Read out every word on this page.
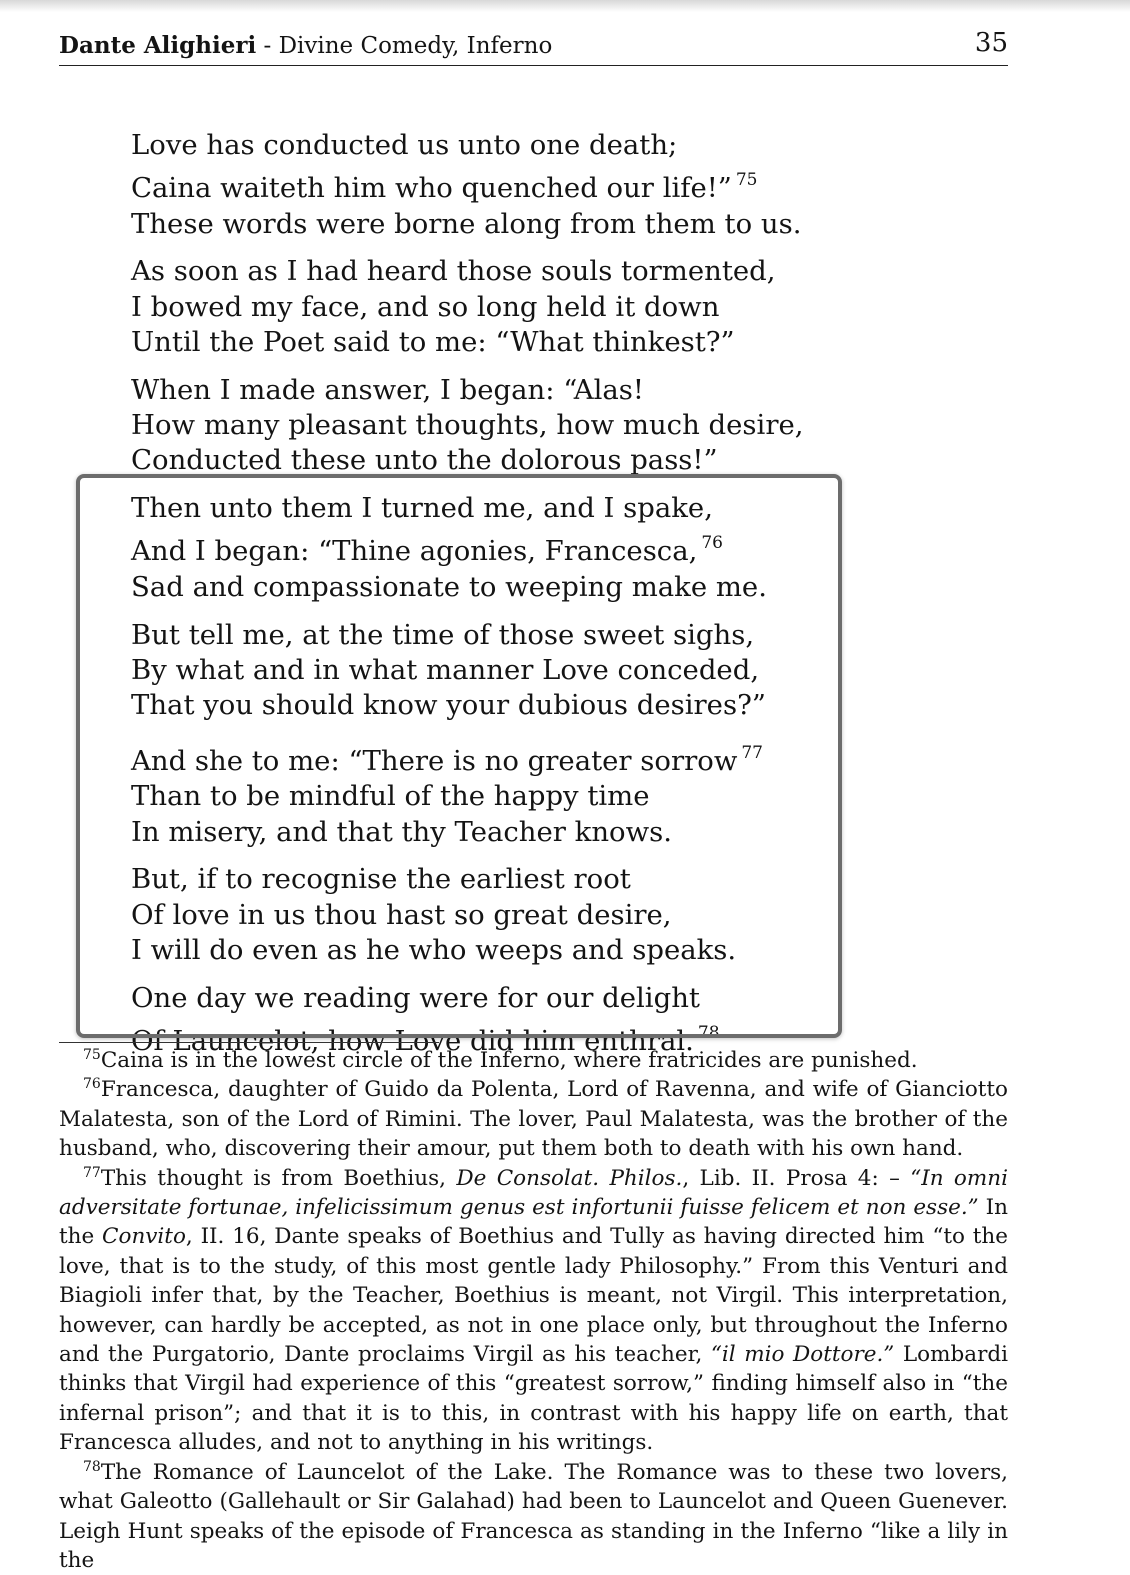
Dante Alighieri - Divine Comedy, Inferno	35
Love has conducted us unto one death;
Caina waiteth him who quenched our life!” $^{75}$
These words were borne along from them to us.
As soon as I had heard those souls tormented,
I bowed my face, and so long held it down
Until the Poet said to me: “What thinkest?”
When I made answer, I began: “Alas!
How many pleasant thoughts, how much desire,
Conducted these unto the dolorous pass!”
Then unto them I turned me, and I spake,
And I began: “Thine agonies, Francesca, $^{76}$
Sad and compassionate to weeping make me.
But tell me, at the time of those sweet sighs,
By what and in what manner Love conceded,
That you should know your dubious desires?”
And she to me: “There is no greater sorrow $^{77}$
Than to be mindful of the happy time
In misery, and that thy Teacher knows.
But, if to recognise the earliest root
Of love in us thou hast so great desire,
I will do even as he who weeps and speaks.
One day we reading were for our delight
Of Launcelot, how Love did him enthral. $^{78}$

$^{75}$Caina is in the lowest circle of the Inferno, where fratricides are punished.

$^{76}$Francesca, daughter of Guido da Polenta, Lord of Ravenna, and wife of Gianciotto Malatesta, son of the Lord of Rimini. The lover, Paul Malatesta, was the brother of the husband, who, discovering their amour, put them both to death with his own hand.

$^{77}$This thought is from Boethius, De Consolat. Philos., Lib. II. Prosa 4: – “In omni adversitate fortunae, infelicissimum genus est infortunii fuisse felicem et non esse.” In the Convito, II. 16, Dante speaks of Boethius and Tully as having directed him “to the love, that is to the study, of this most gentle lady Philosophy.” From this Venturi and Biagioli infer that, by the Teacher, Boethius is meant, not Virgil. This interpretation, however, can hardly be accepted, as not in one place only, but throughout the Inferno and the Purgatorio, Dante proclaims Virgil as his teacher, “il mio Dottore.” Lombardi thinks that Virgil had experience of this “greatest sorrow,” finding himself also in “the infernal prison”; and that it is to this, in contrast with his happy life on earth, that Francesca alludes, and not to anything in his writings.

$^{78}$The Romance of Launcelot of the Lake. The Romance was to these two lovers, what Galeotto (Gallehault or Sir Galahad) had been to Launcelot and Queen Guenever. Leigh Hunt speaks of the episode of Francesca as standing in the Inferno “like a lily in the
